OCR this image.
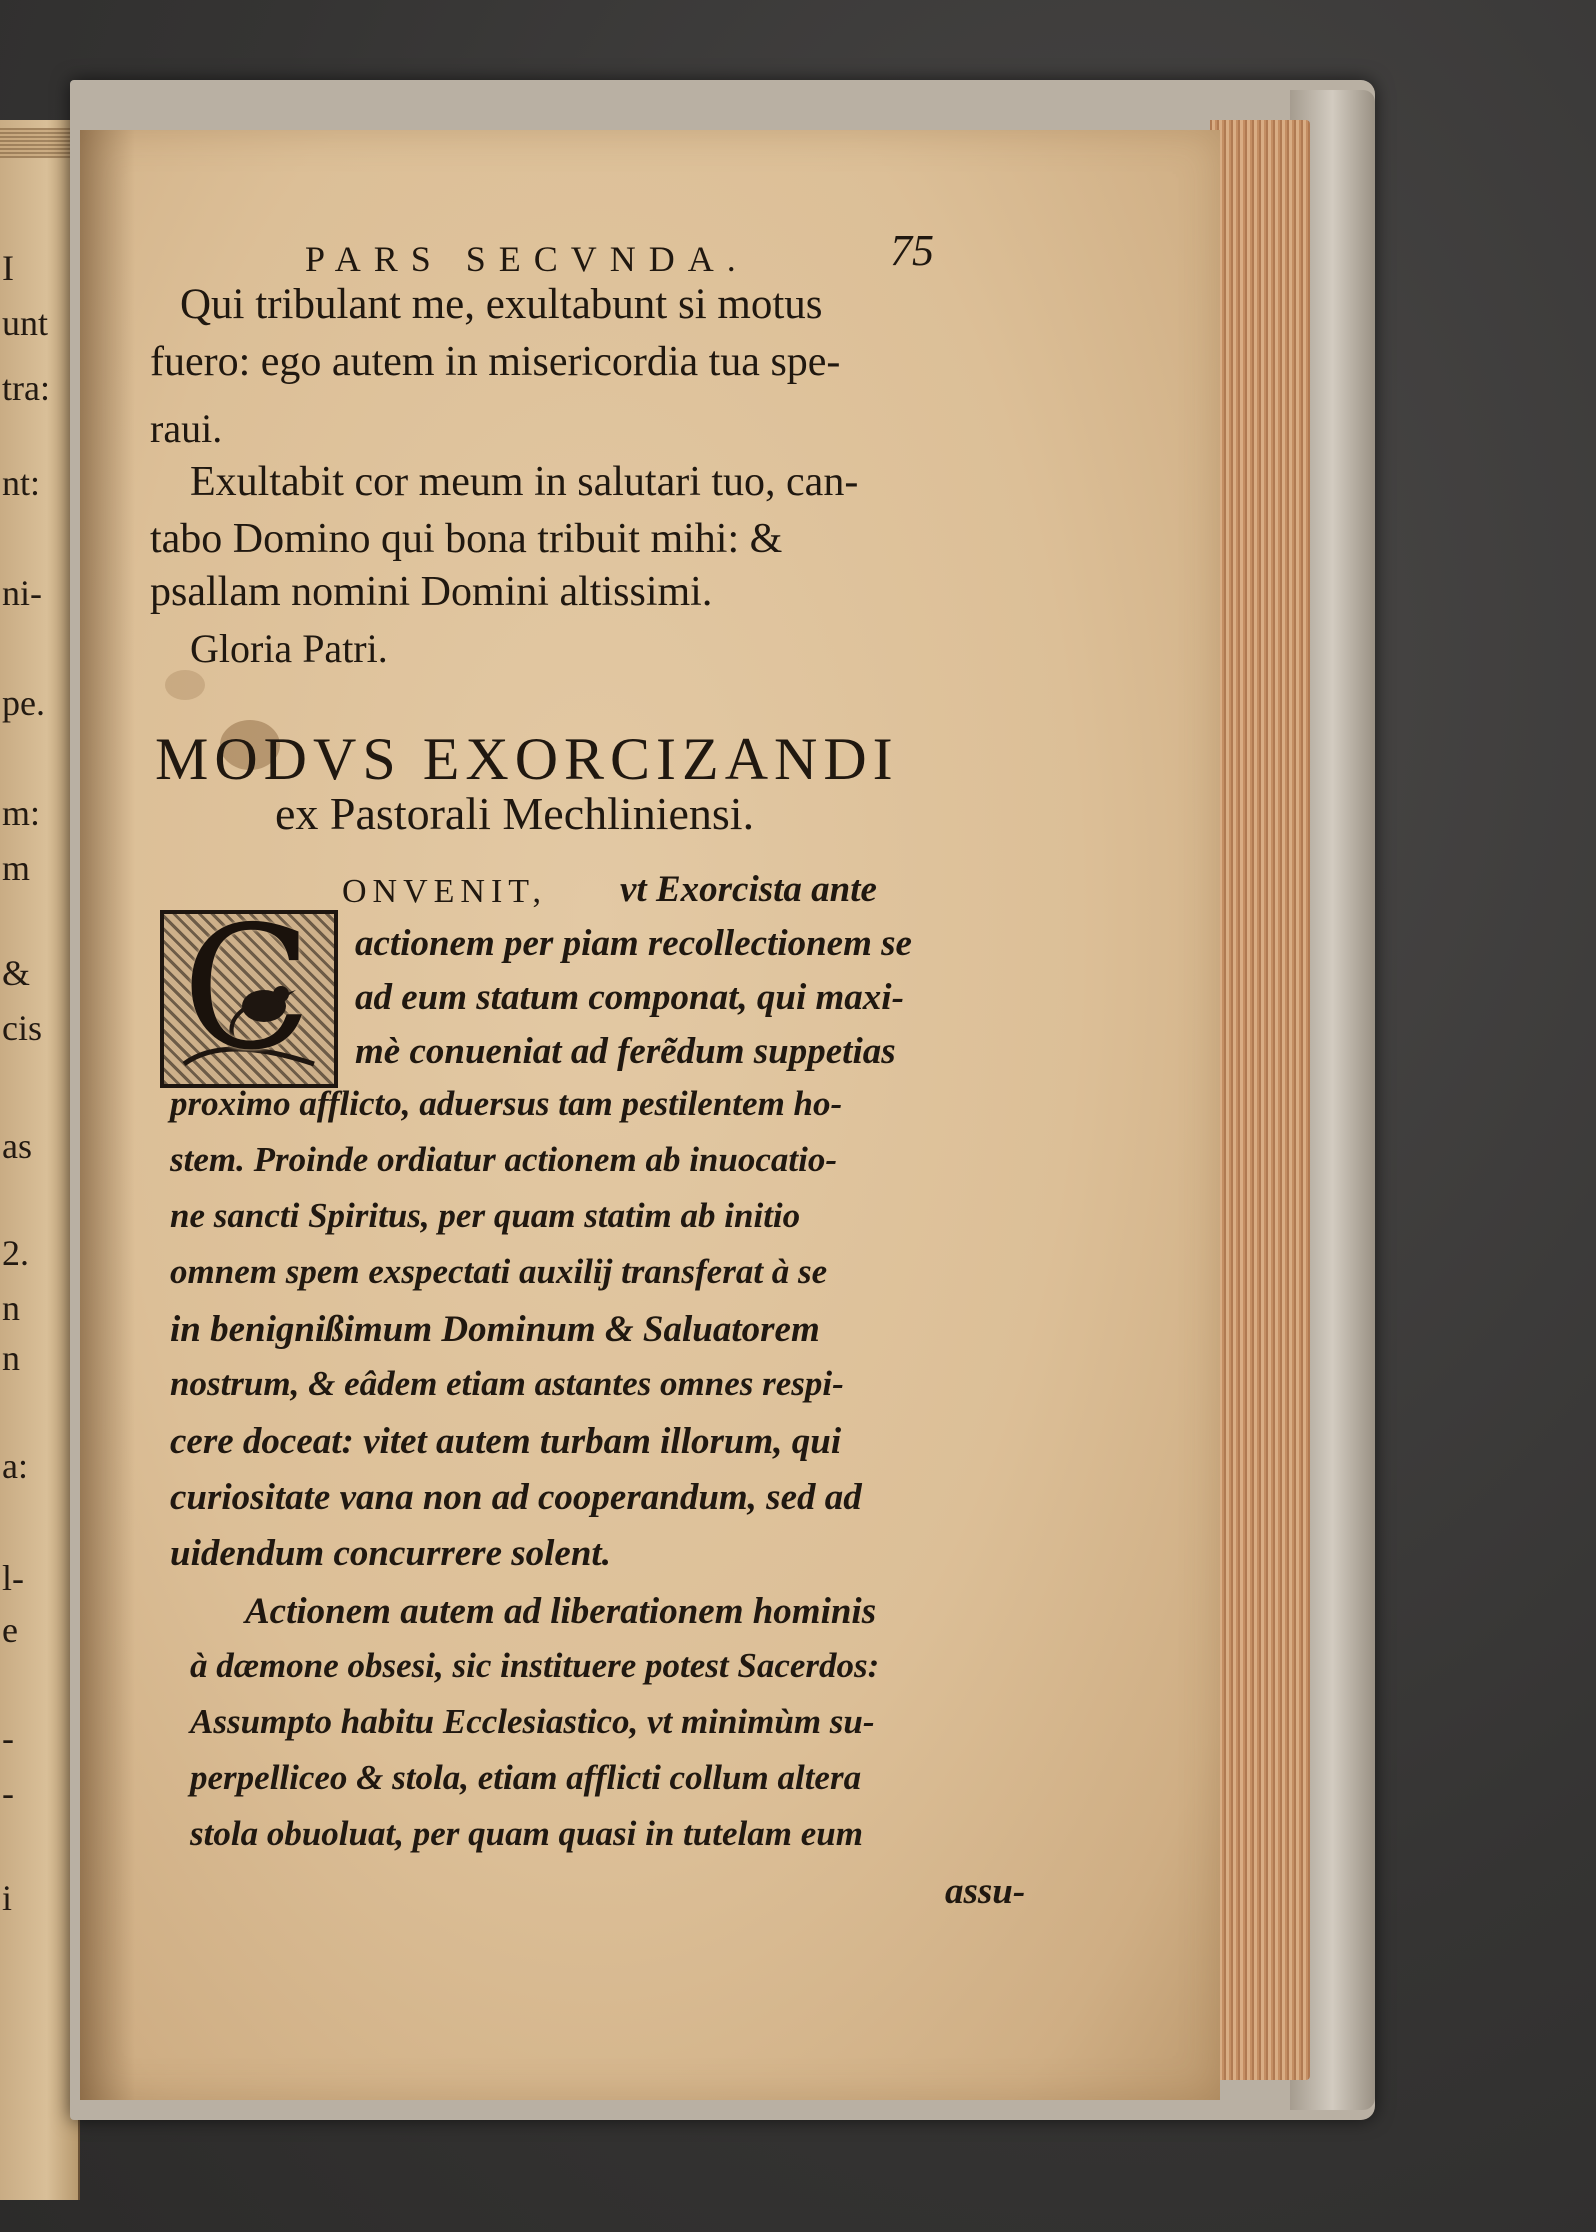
I
unt
tra:
nt:
ni-
pe.
m:
m
&
cis
as
2.
n
n
a:
l-
e
-
-
i
PARS SECVNDA.	75
Qui tribulant me, exultabunt si motus
fuero: ego autem in misericordia tua spe-
raui.
Exultabit cor meum in salutari tuo, can-
tabo Domino qui bona tribuit mihi: &
psallam nomini Domini altissimi.
Gloria Patri.
MODVS EXORCIZANDI
ex Pastorali Mechliniensi.
C ONVENIT, vt Exorcista ante
actionem per piam recollectionem se
ad eum statum componat, qui maxi-
mè conueniat ad ferẽdum suppetias
proximo afflicto, aduersus tam pestilentem ho-
stem. Proinde ordiatur actionem ab inuocatio-
ne sancti Spiritus, per quam statim ab initio
omnem spem exspectati auxilij transferat à se
in benignißimum Dominum & Saluatorem
nostrum, & eâdem etiam astantes omnes respi-
cere doceat: vitet autem turbam illorum, qui
curiositate vana non ad cooperandum, sed ad
uidendum concurrere solent.
Actionem autem ad liberationem hominis
à dæmone obsesi, sic instituere potest Sacerdos:
Assumpto habitu Ecclesiastico, vt minimùm su-
perpelliceo & stola, etiam afflicti collum altera
stola obuoluat, per quam quasi in tutelam eum
assu-
